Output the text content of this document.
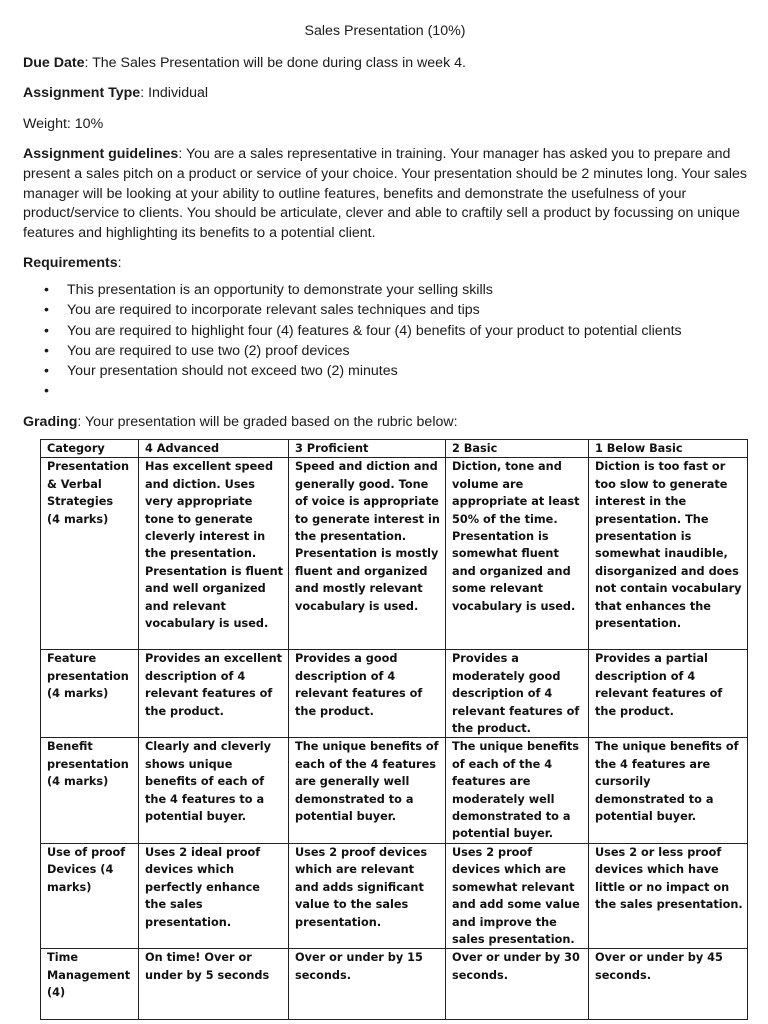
Sales Presentation (10%)
Due Date: The Sales Presentation will be done during class in week 4.
Assignment Type: Individual
Weight: 10%
Assignment guidelines: You are a sales representative in training. Your manager has asked you to prepare and present a sales pitch on a product or service of your choice. Your presentation should be 2 minutes long. Your sales manager will be looking at your ability to outline features, benefits and demonstrate the usefulness of your product/service to clients. You should be articulate, clever and able to craftily sell a product by focussing on unique features and highlighting its benefits to a potential client.
Requirements:
• This presentation is an opportunity to demonstrate your selling skills
• You are required to incorporate relevant sales techniques and tips
• You are required to highlight four (4) features & four (4) benefits of your product to potential clients
• You are required to use two (2) proof devices
• Your presentation should not exceed two (2) minutes
•
Grading: Your presentation will be graded based on the rubric below:
Category	4 Advanced	3 Proficient	2 Basic	1 Below Basic
Presentation
& Verbal
Strategies
(4 marks)	Has excellent speed and diction. Uses very appropriate tone to generate cleverly interest in the presentation. Presentation is fluent and well organized and relevant vocabulary is used.	Speed and diction and generally good. Tone of voice is appropriate to generate interest in the presentation. Presentation is mostly fluent and organized and mostly relevant vocabulary is used.	Diction, tone and volume are appropriate at least 50% of the time. Presentation is somewhat fluent and organized and some relevant vocabulary is used.	Diction is too fast or too slow to generate interest in the presentation. The presentation is somewhat inaudible, disorganized and does not contain vocabulary that enhances the presentation.
Feature
presentation
(4 marks)	Provides an excellent description of 4 relevant features of the product.	Provides a good description of 4 relevant features of the product.	Provides a moderately good description of 4 relevant features of the product.	Provides a partial description of 4 relevant features of the product.
Benefit
presentation
(4 marks)	Clearly and cleverly shows unique benefits of each of the 4 features to a potential buyer.	The unique benefits of each of the 4 features are generally well demonstrated to a potential buyer.	The unique benefits of each of the 4 features are moderately well demonstrated to a potential buyer.	The unique benefits of the 4 features are cursorily demonstrated to a potential buyer.
Use of proof
Devices (4
marks)	Uses 2 ideal proof devices which perfectly enhance the sales presentation.	Uses 2 proof devices which are relevant and adds significant value to the sales presentation.	Uses 2 proof devices which are somewhat relevant and add some value and improve the sales presentation.	Uses 2 or less proof devices which have little or no impact on the sales presentation.
Time
Management
(4)	On time! Over or under by 5 seconds	Over or under by 15 seconds.	Over or under by 30 seconds.	Over or under by 45 seconds.
